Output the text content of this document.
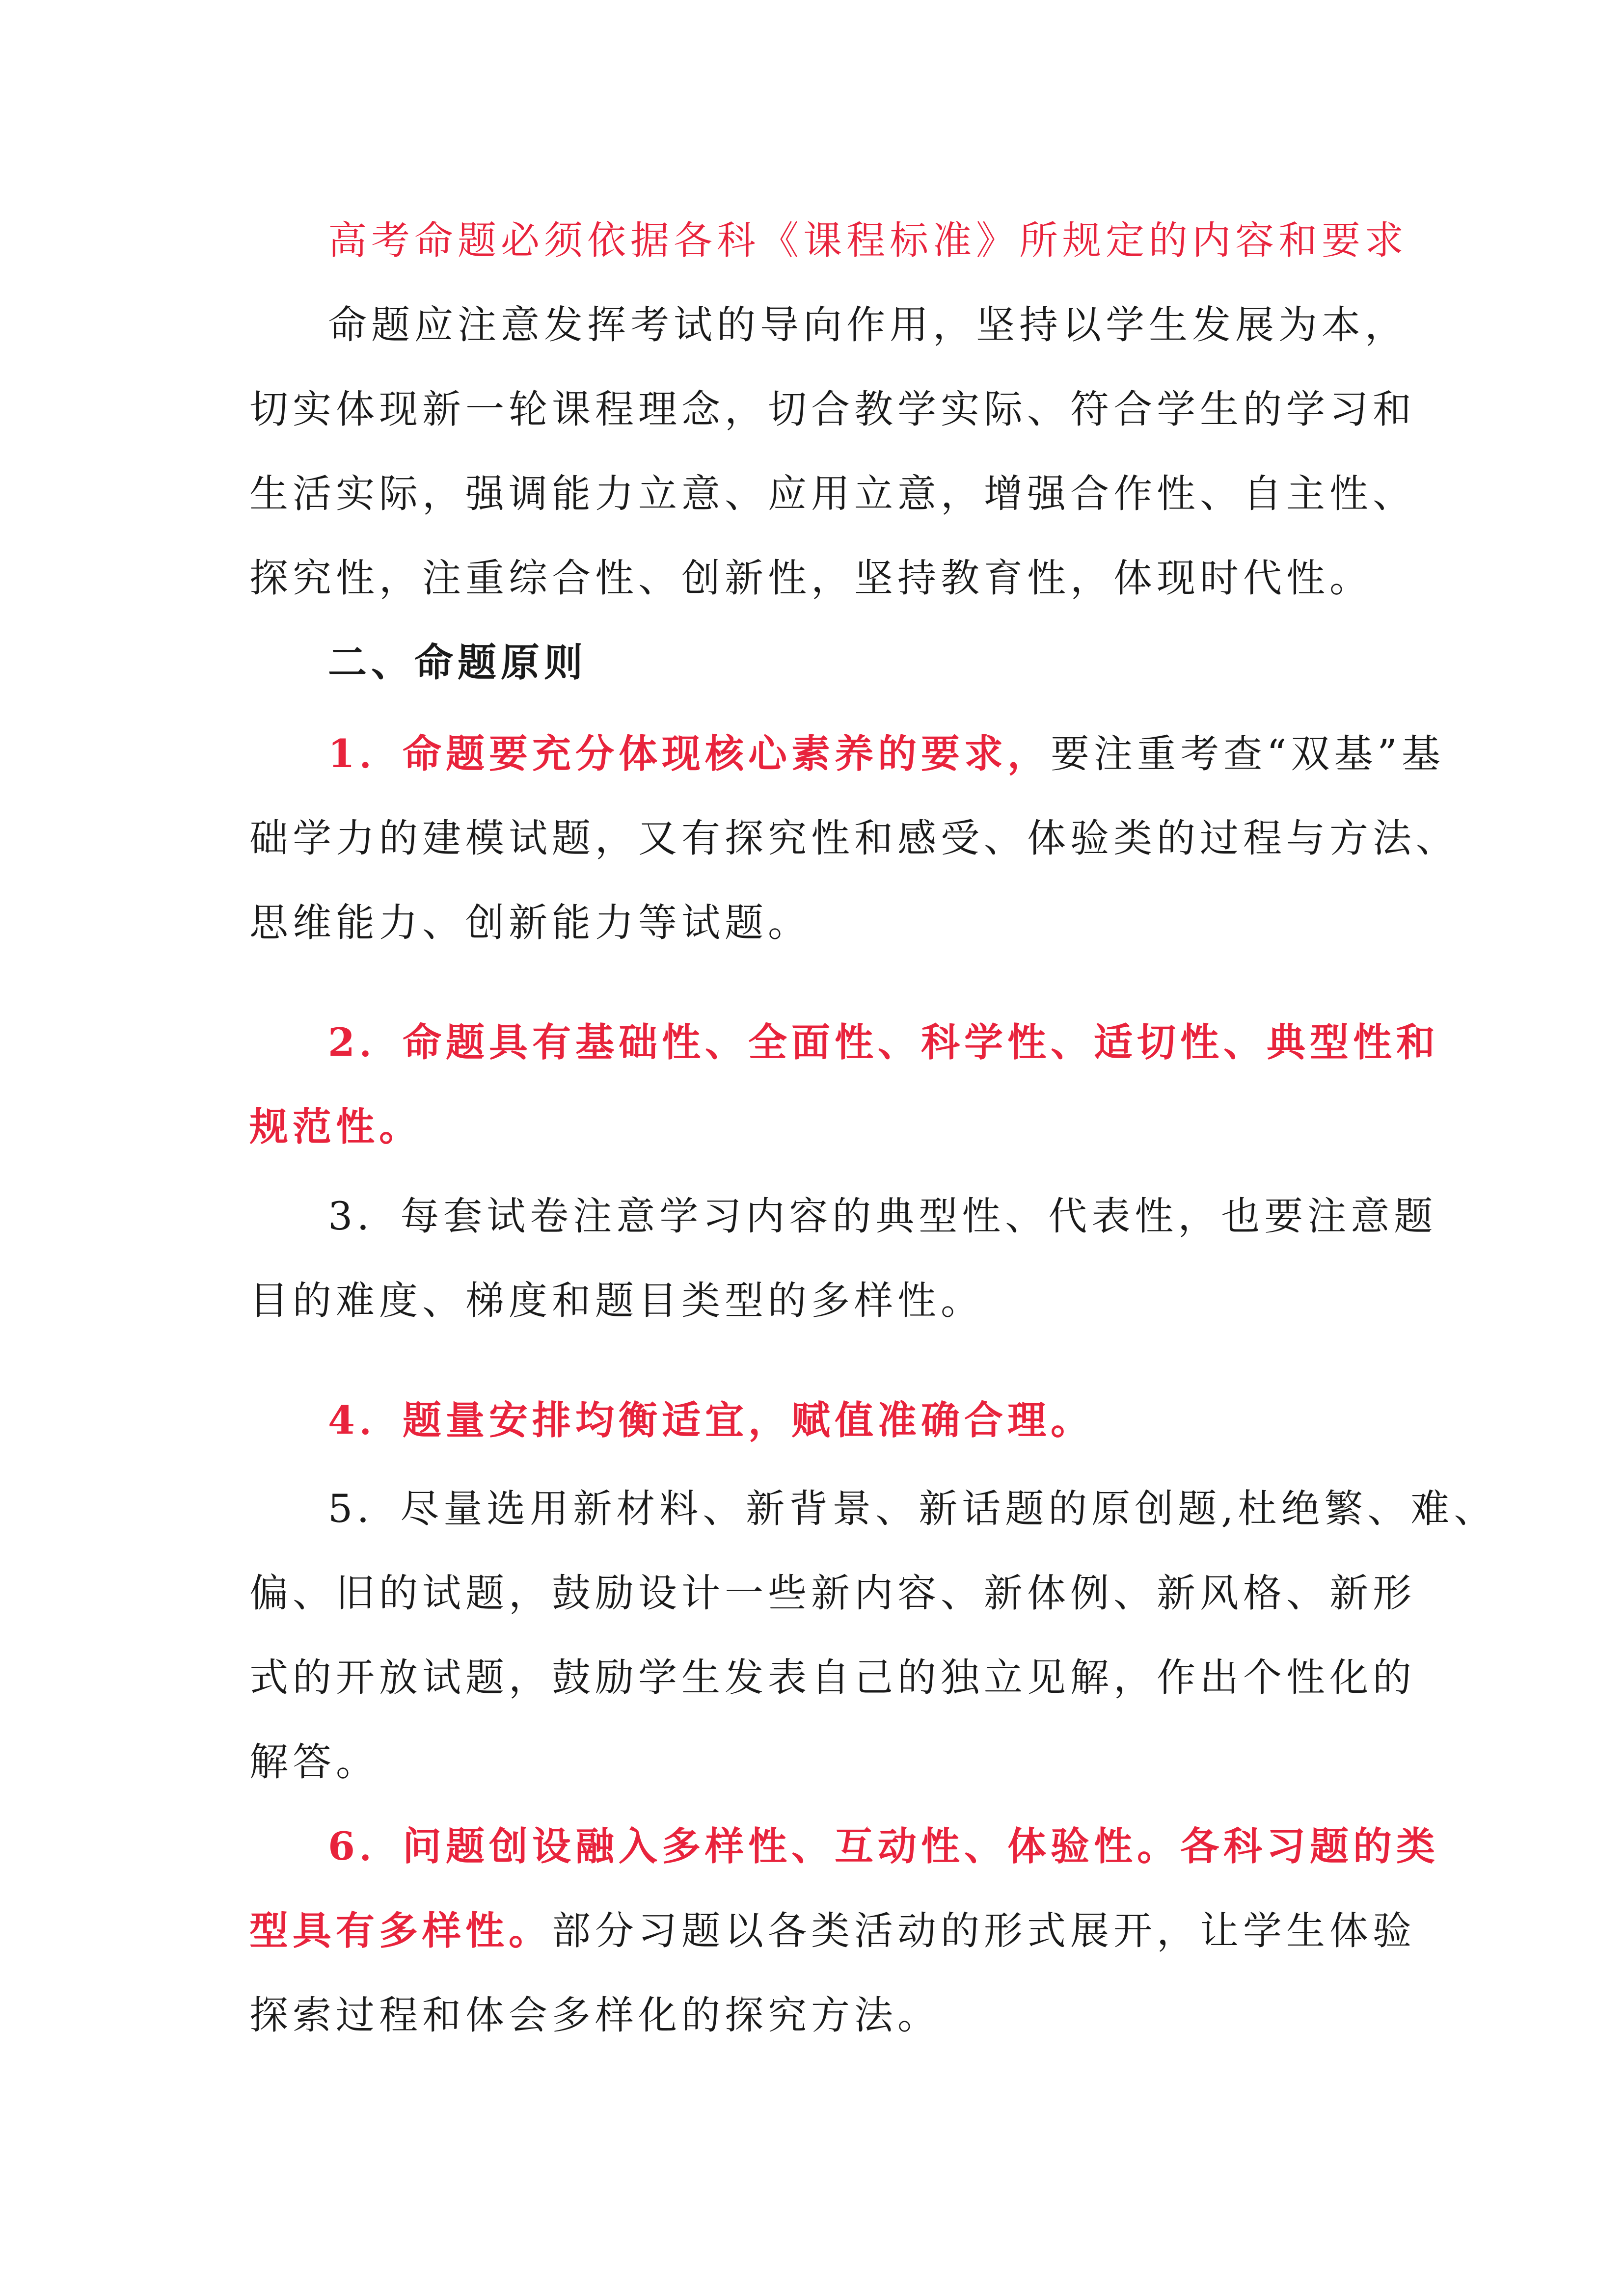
高考命题必须依据各科《课程标准》所规定的内容和要求
命题应注意发挥考试的导向作用，坚持以学生发展为本，
切实体现新一轮课程理念，切合教学实际、符合学生的学习和
生活实际，强调能力立意、应用立意，增强合作性、自主性、
探究性，注重综合性、创新性，坚持教育性，体现时代性。
二、命题原则
1．命题要充分体现核心素养的要求，要注重考查“双基”基
础学力的建模试题，又有探究性和感受、体验类的过程与方法、
思维能力、创新能力等试题。
2．命题具有基础性、全面性、科学性、适切性、典型性和
规范性。
3．每套试卷注意学习内容的典型性、代表性，也要注意题
目的难度、梯度和题目类型的多样性。
4．题量安排均衡适宜，赋值准确合理。
5．尽量选用新材料、新背景、新话题的原创题,杜绝繁、难、
偏、旧的试题，鼓励设计一些新内容、新体例、新风格、新形
式的开放试题，鼓励学生发表自己的独立见解，作出个性化的
解答。
6．问题创设融入多样性、互动性、体验性。各科习题的类
型具有多样性。部分习题以各类活动的形式展开，让学生体验
探索过程和体会多样化的探究方法。
